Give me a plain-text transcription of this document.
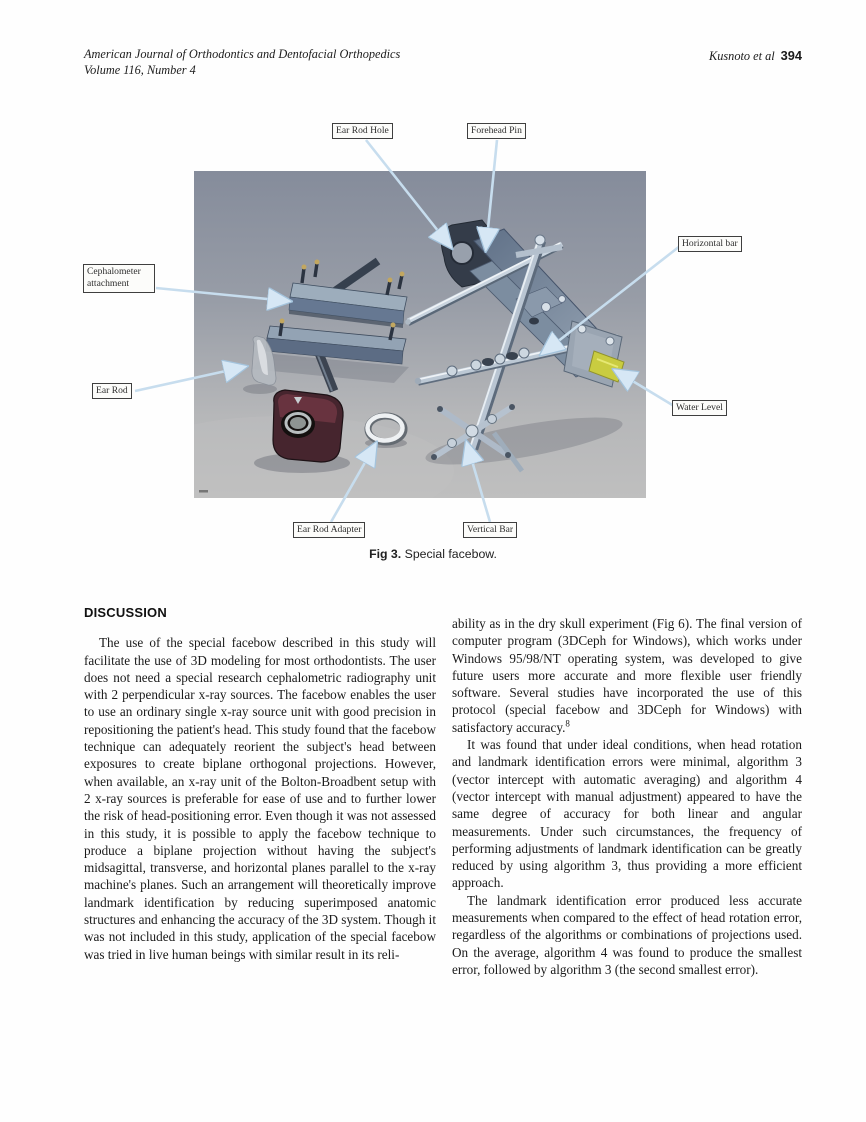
American Journal of Orthodontics and Dentofacial Orthopedics
Volume 116, Number 4
Kusnoto et al 394
Ear Rod Hole	Forehead Pin
Horizontal bar
Cephalometer attachment
Ear Rod
Water Level
Ear Rod Adapter	Vertical Bar
Fig 3. Special facebow.
DISCUSSION

The use of the special facebow described in this study will facilitate the use of 3D modeling for most orthodontists. The user does not need a special research cephalometric radiography unit with 2 perpendicular x-ray sources. The facebow enables the user to use an ordinary single x-ray source unit with good precision in repositioning the patient's head. This study found that the facebow technique can adequately reorient the subject's head between exposures to create biplane orthogonal projections. However, when available, an x-ray unit of the Bolton-Broadbent setup with 2 x-ray sources is preferable for ease of use and to further lower the risk of head-positioning error. Even though it was not assessed in this study, it is possible to apply the facebow technique to produce a biplane projection without having the subject's midsagittal, transverse, and horizontal planes parallel to the x-ray machine's planes. Such an arrangement will theoretically improve landmark identification by reducing superimposed anatomic structures and enhancing the accuracy of the 3D system. Though it was not included in this study, application of the special facebow was tried in live human beings with similar result in its reli-

ability as in the dry skull experiment (Fig 6). The final version of computer program (3DCeph for Windows), which works under Windows 95/98/NT operating system, was developed to give future users more accurate and more flexible user friendly software. Several studies have incorporated the use of this protocol (special facebow and 3DCeph for Windows) with satisfactory accuracy.$^8$

It was found that under ideal conditions, when head rotation and landmark identification errors were minimal, algorithm 3 (vector intercept with automatic averaging) and algorithm 4 (vector intercept with manual adjustment) appeared to have the same degree of accuracy for both linear and angular measurements. Under such circumstances, the frequency of performing adjustments of landmark identification can be greatly reduced by using algorithm 3, thus providing a more efficient approach.

The landmark identification error produced less accurate measurements when compared to the effect of head rotation error, regardless of the algorithms or combinations of projections used. On the average, algorithm 4 was found to produce the smallest error, followed by algorithm 3 (the second smallest error).
